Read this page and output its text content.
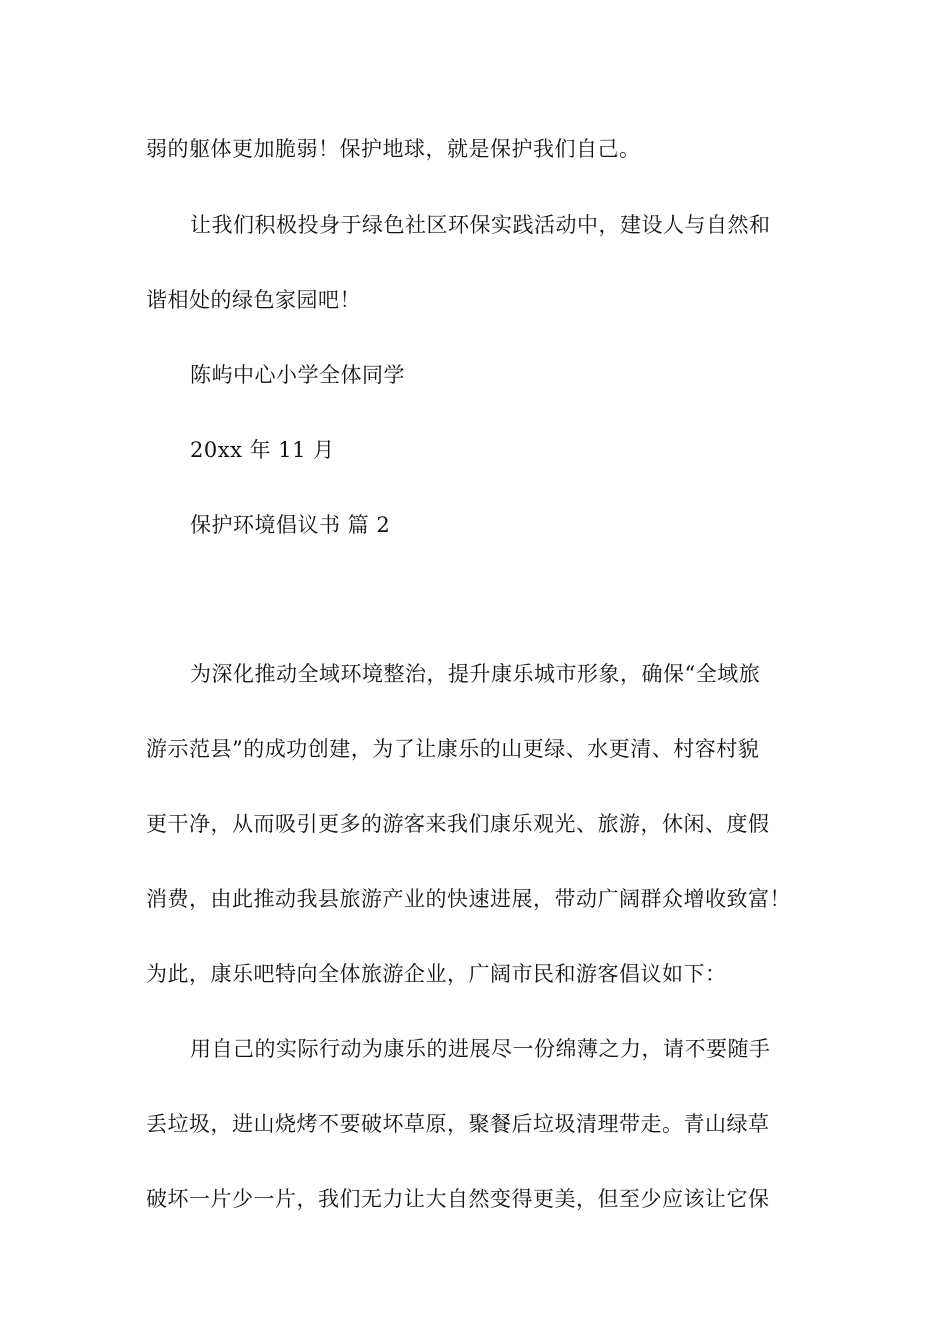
弱的躯体更加脆弱！保护地球，就是保护我们自己。
让我们积极投身于绿色社区环保实践活动中，建设人与自然和
谐相处的绿色家园吧！
陈屿中心小学全体同学
20xx 年 11 月
保护环境倡议书 篇 2
为深化推动全域环境整治，提升康乐城市形象，确保“全域旅
游示范县”的成功创建，为了让康乐的山更绿、水更清、村容村貌
更干净，从而吸引更多的游客来我们康乐观光、旅游，休闲、度假
消费，由此推动我县旅游产业的快速进展，带动广阔群众增收致富！
为此，康乐吧特向全体旅游企业，广阔市民和游客倡议如下：
用自己的实际行动为康乐的进展尽一份绵薄之力，请不要随手
丢垃圾，进山烧烤不要破坏草原，聚餐后垃圾清理带走。青山绿草
破坏一片少一片，我们无力让大自然变得更美，但至少应该让它保
